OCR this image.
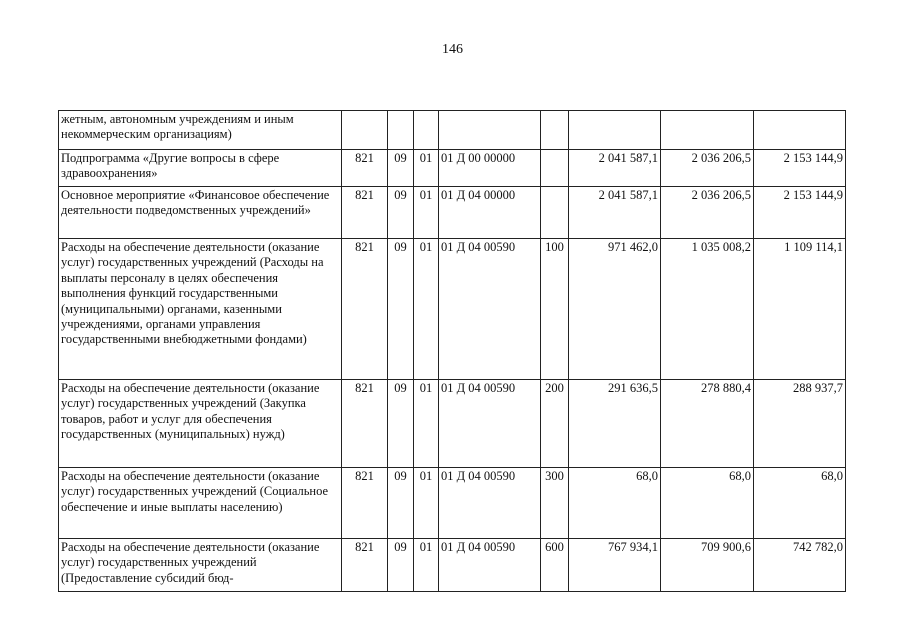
146
жетным, автономным учреждениям и иным некоммерческим организациям)								
Подпрограмма «Другие вопросы в сфере здравоохранения»	821	09	01	01 Д 00 00000		2 041 587,1	2 036 206,5	2 153 144,9
Основное мероприятие «Финансовое обеспечение деятельности подведомственных учреждений»	821	09	01	01 Д 04 00000		2 041 587,1	2 036 206,5	2 153 144,9
Расходы на обеспечение деятельности (оказание услуг) государственных учреждений (Расходы на выплаты персоналу в целях обеспечения выполнения функций государственными (муниципальными) органами, казенными учреждениями, органами управления государственными внебюджетными фондами)	821	09	01	01 Д 04 00590	100	971 462,0	1 035 008,2	1 109 114,1
Расходы на обеспечение деятельности (оказание услуг) государственных учреждений (Закупка товаров, работ и услуг для обеспечения государственных (муниципальных) нужд)	821	09	01	01 Д 04 00590	200	291 636,5	278 880,4	288 937,7
Расходы на обеспечение деятельности (оказание услуг) государственных учреждений (Социальное обеспечение и иные выплаты населению)	821	09	01	01 Д 04 00590	300	68,0	68,0	68,0
Расходы на обеспечение деятельности (оказание услуг) государственных учреждений (Предоставление субсидий бюд-	821	09	01	01 Д 04 00590	600	767 934,1	709 900,6	742 782,0
